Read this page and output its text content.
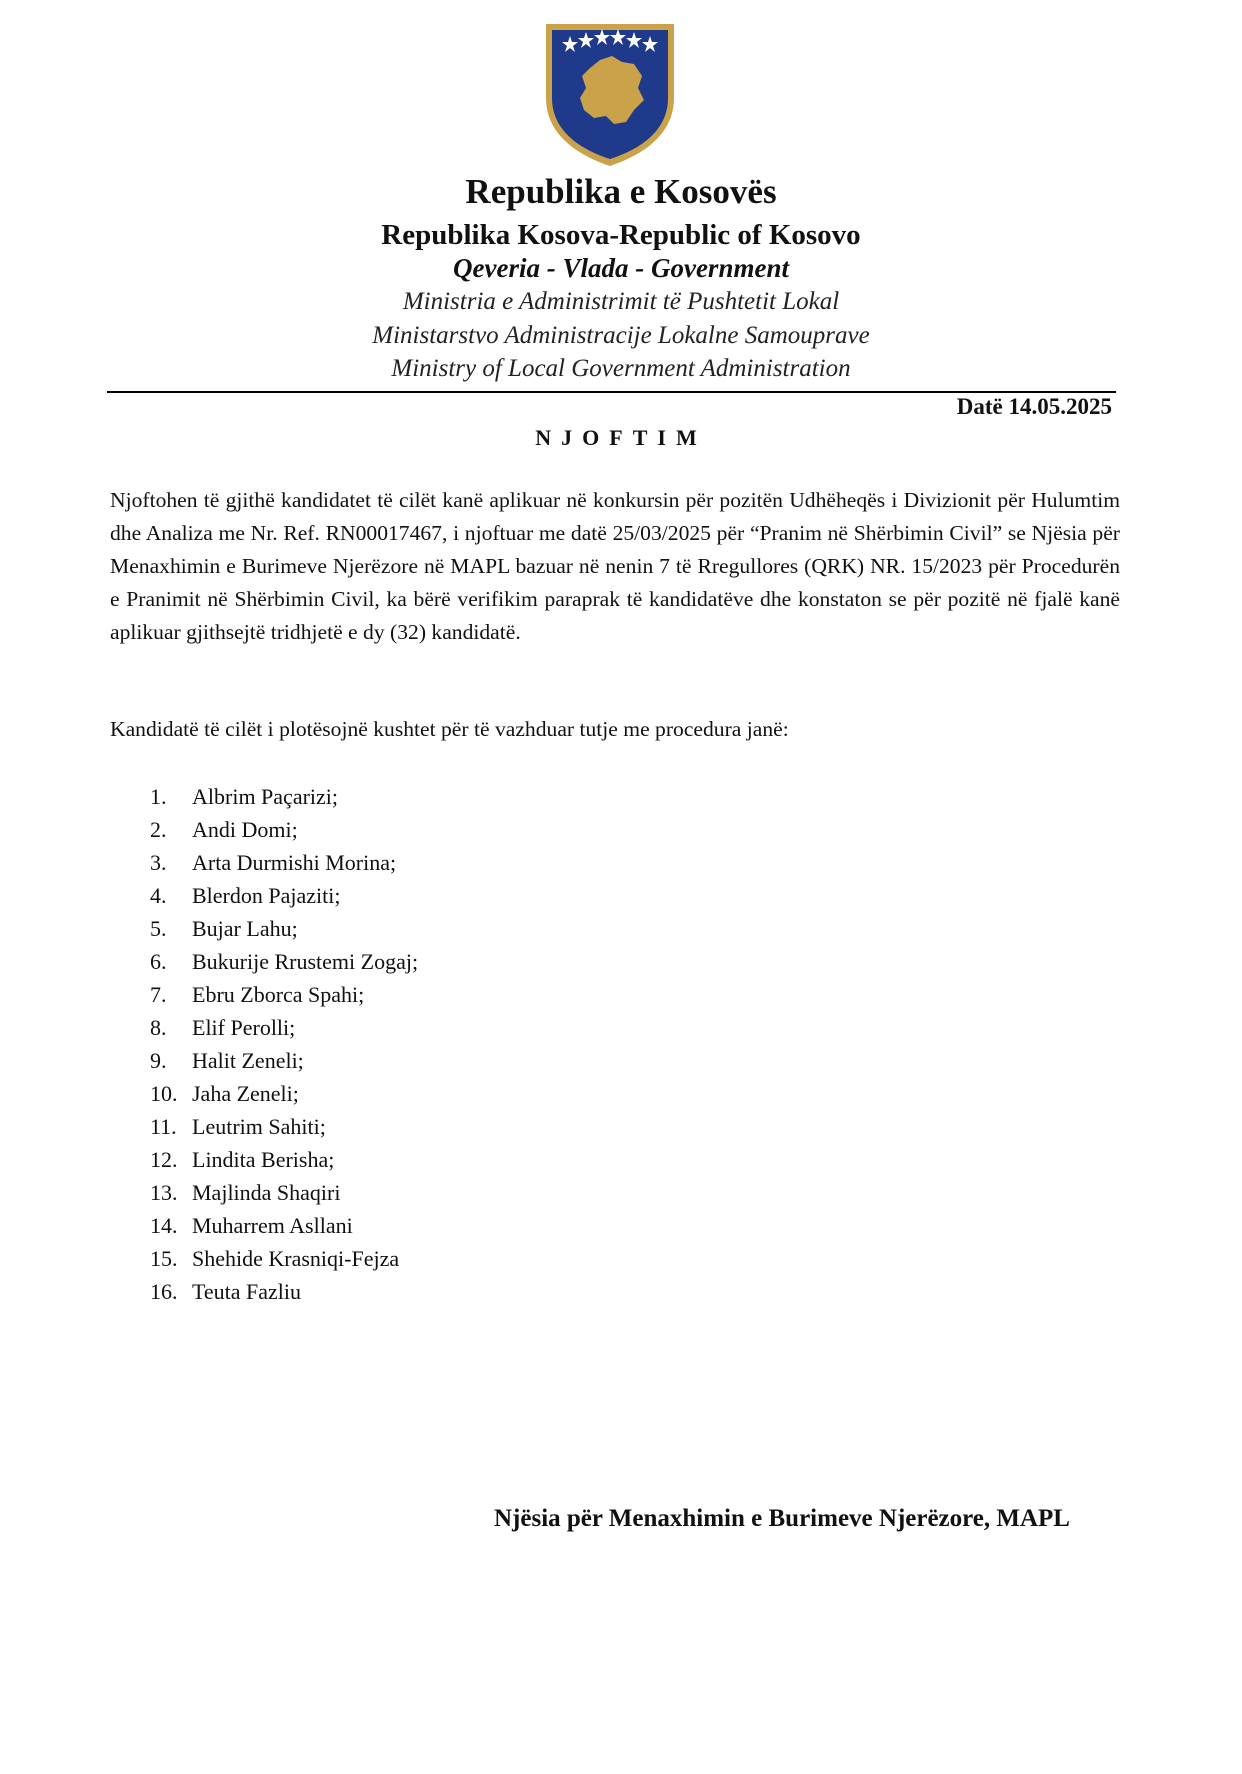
Republika e Kosovës
Republika Kosova-Republic of Kosovo
Qeveria - Vlada - Government
Ministria e Administrimit të Pushtetit Lokal
Ministarstvo Administracije Lokalne Samouprave
Ministry of Local Government Administration
Datë 14.05.2025
NJOFTIM
Njoftohen të gjithë kandidatet të cilët kanë aplikuar në konkursin për pozitën Udhëheqës i Divizionit për Hulumtim dhe Analiza me Nr. Ref. RN00017467, i njoftuar me datë 25/03/2025 për “Pranim në Shërbimin Civil” se Njësia për Menaxhimin e Burimeve Njerëzore në MAPL bazuar në nenin 7 të Rregullores (QRK) NR. 15/2023 për Procedurën e Pranimit në Shërbimin Civil, ka bërë verifikim paraprak të kandidatëve dhe konstaton se për pozitë në fjalë kanë aplikuar gjithsejtë tridhjetë e dy (32) kandidatë.
Kandidatë të cilët i plotësojnë kushtet për të vazhduar tutje me procedura janë:
1. Albrim Paçarizi;
2. Andi Domi;
3. Arta Durmishi Morina;
4. Blerdon Pajaziti;
5. Bujar Lahu;
6. Bukurije Rrustemi Zogaj;
7. Ebru Zborca Spahi;
8. Elif Perolli;
9. Halit Zeneli;
10. Jaha Zeneli;
11. Leutrim Sahiti;
12. Lindita Berisha;
13. Majlinda Shaqiri
14. Muharrem Asllani
15. Shehide Krasniqi-Fejza
16. Teuta Fazliu
Njësia për Menaxhimin e Burimeve Njerëzore, MAPL
